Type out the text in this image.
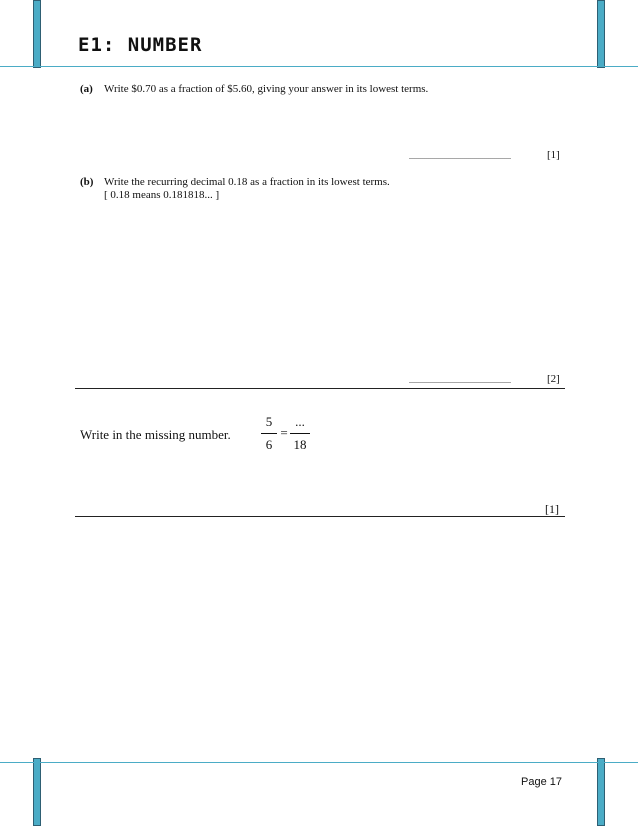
E1: NUMBER
(a) Write $0.70 as a fraction of $5.60, giving your answer in its lowest terms.
...................................................	[1]
(b) Write the recurring decimal 0.18 as a fraction in its lowest terms.
[ 0.18 means 0.181818... ]
...................................................	[2]
Write in the missing number.
5
6
=
...
18
[1]
Page 17
